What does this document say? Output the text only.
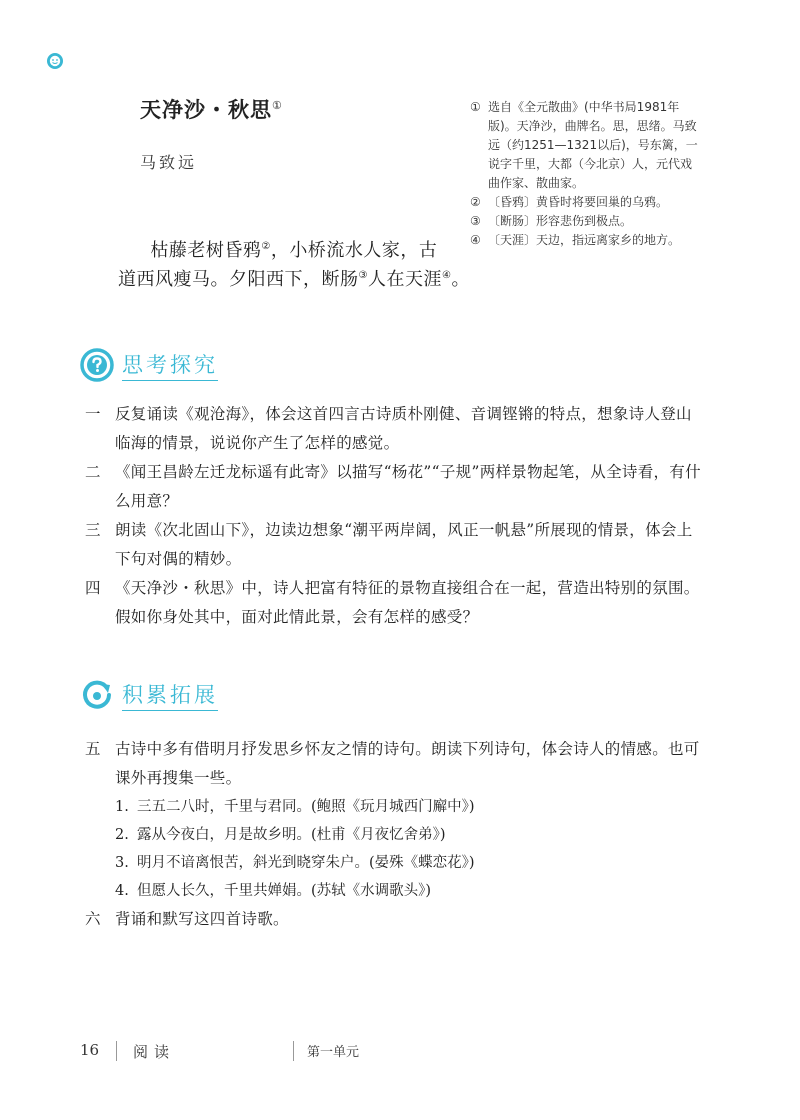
天净沙・秋思①
马致远

枯藤老树昏鸦②，小桥流水人家，古

道西风瘦马。夕阳西下，断肠③人在天涯④。

① 选自《全元散曲》(中华书局1981年版)。天净沙，曲牌名。思，思绪。马致远（约1251—1321以后)，号东篱，一说字千里，大都（今北京）人，元代戏曲作家、散曲家。
② 〔昏鸦〕黄昏时将要回巢的乌鸦。
③ 〔断肠〕形容悲伤到极点。
④ 〔天涯〕天边，指远离家乡的地方。
思考探究
一 反复诵读《观沧海》，体会这首四言古诗质朴刚健、音调铿锵的特点，想象诗人登山临海的情景，说说你产生了怎样的感觉。
二 《闻王昌龄左迁龙标遥有此寄》以描写“杨花”“子规”两样景物起笔，从全诗看，有什么用意？
三 朗读《次北固山下》，边读边想象“潮平两岸阔，风正一帆悬”所展现的情景，体会上下句对偶的精妙。
四 《天净沙・秋思》中，诗人把富有特征的景物直接组合在一起，营造出特别的氛围。假如你身处其中，面对此情此景，会有怎样的感受？
积累拓展
五 古诗中多有借明月抒发思乡怀友之情的诗句。朗读下列诗句，体会诗人的情感。也可课外再搜集一些。
1. 三五二八时，千里与君同。(鲍照《玩月城西门廨中》)
2. 露从今夜白，月是故乡明。(杜甫《月夜忆舍弟》)
3. 明月不谙离恨苦，斜光到晓穿朱户。(晏殊《蝶恋花》)
4. 但愿人长久，千里共婵娟。(苏轼《水调歌头》)
六 背诵和默写这四首诗歌。
16 阅读	第一单元
